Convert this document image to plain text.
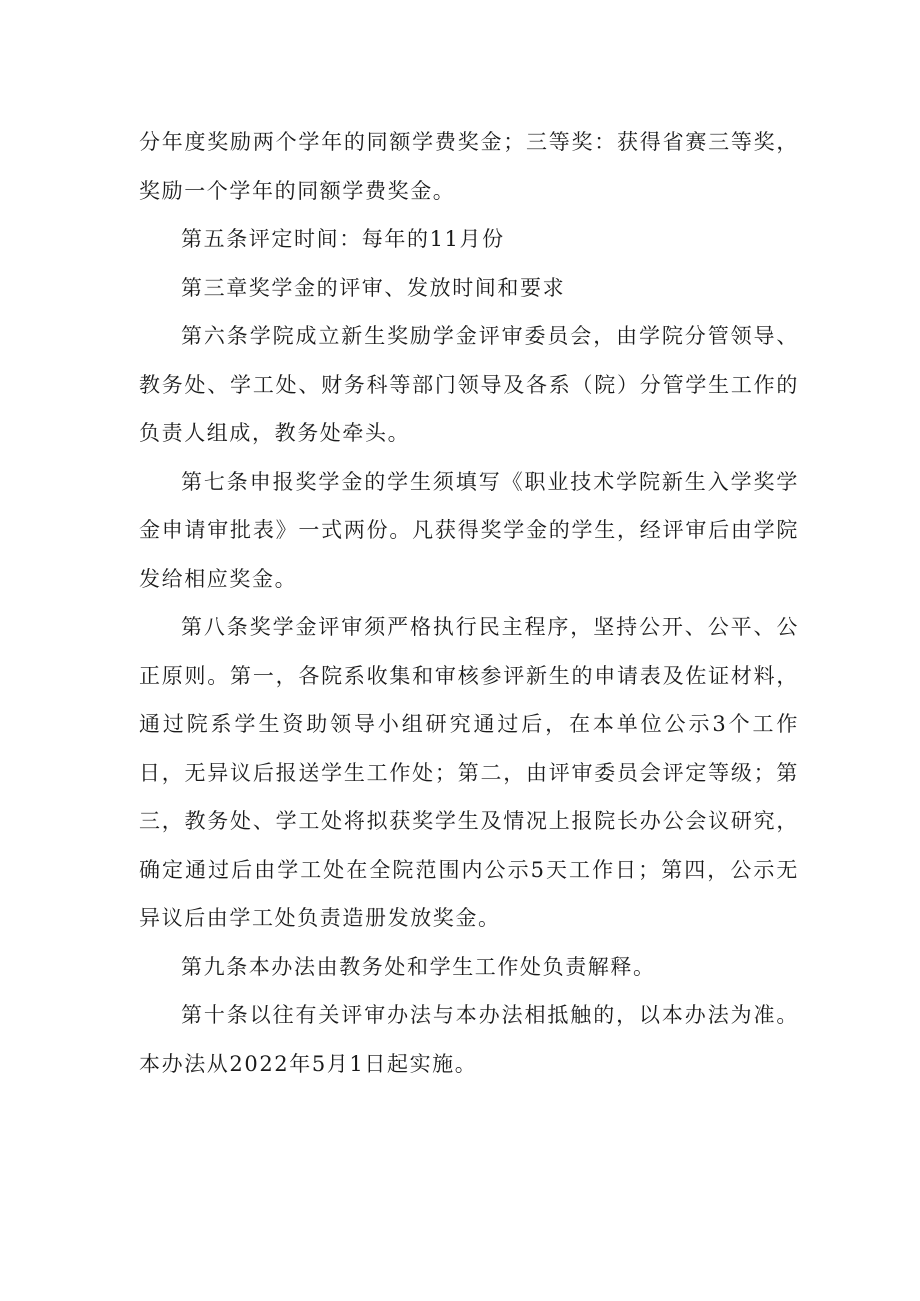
分年度奖励两个学年的同额学费奖金；三等奖：获得省赛三等奖，奖励一个学年的同额学费奖金。

第五条评定时间：每年的11月份

第三章奖学金的评审、发放时间和要求

第六条学院成立新生奖励学金评审委员会，由学院分管领导、教务处、学工处、财务科等部门领导及各系（院）分管学生工作的负责人组成，教务处牵头。

第七条申报奖学金的学生须填写《职业技术学院新生入学奖学金申请审批表》一式两份。凡获得奖学金的学生，经评审后由学院发给相应奖金。

第八条奖学金评审须严格执行民主程序，坚持公开、公平、公正原则。第一，各院系收集和审核参评新生的申请表及佐证材料，通过院系学生资助领导小组研究通过后，在本单位公示3个工作日，无异议后报送学生工作处；第二，由评审委员会评定等级；第三，教务处、学工处将拟获奖学生及情况上报院长办公会议研究，确定通过后由学工处在全院范围内公示5天工作日；第四，公示无异议后由学工处负责造册发放奖金。

第九条本办法由教务处和学生工作处负责解释。

第十条以往有关评审办法与本办法相抵触的，以本办法为准。本办法从2022年5月1日起实施。
